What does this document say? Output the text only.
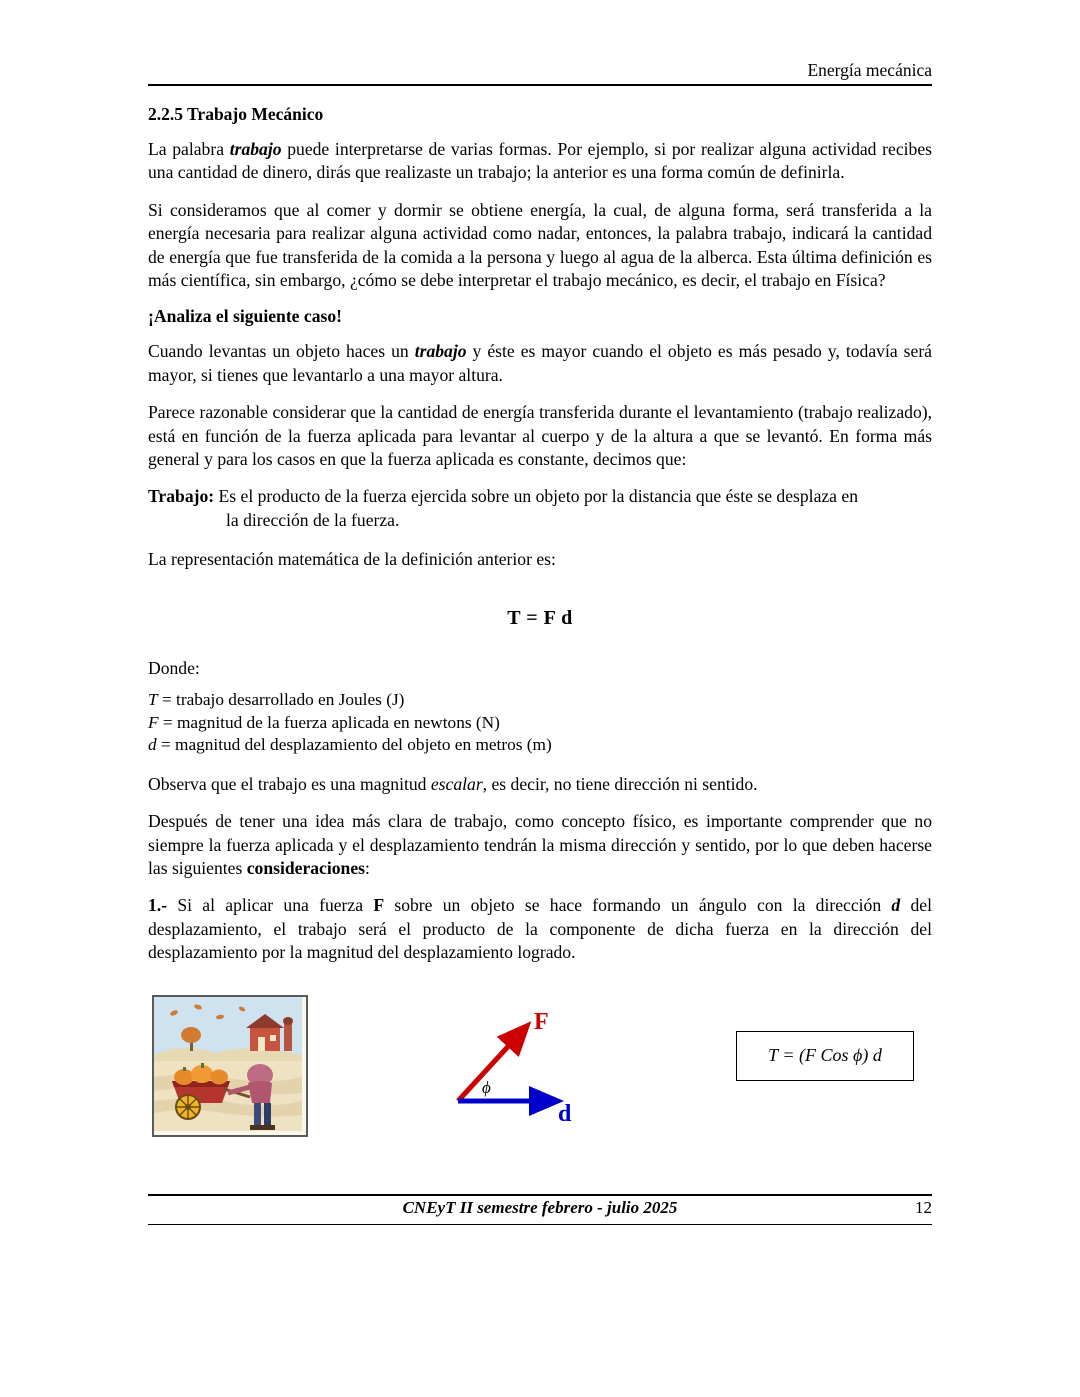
Energía mecánica
2.2.5 Trabajo Mecánico

La palabra trabajo puede interpretarse de varias formas. Por ejemplo, si por realizar alguna actividad recibes una cantidad de dinero, dirás que realizaste un trabajo; la anterior es una forma común de definirla.

Si consideramos que al comer y dormir se obtiene energía, la cual, de alguna forma, será transferida a la energía necesaria para realizar alguna actividad como nadar, entonces, la palabra trabajo, indicará la cantidad de energía que fue transferida de la comida a la persona y luego al agua de la alberca. Esta última definición es más científica, sin embargo, ¿cómo se debe interpretar el trabajo mecánico, es decir, el trabajo en Física?

¡Analiza el siguiente caso!

Cuando levantas un objeto haces un trabajo y éste es mayor cuando el objeto es más pesado y, todavía será mayor, si tienes que levantarlo a una mayor altura.

Parece razonable considerar que la cantidad de energía transferida durante el levantamiento (trabajo realizado), está en función de la fuerza aplicada para levantar al cuerpo y de la altura a que se levantó. En forma más general y para los casos en que la fuerza aplicada es constante, decimos que:

Trabajo: Es el producto de la fuerza ejercida sobre un objeto por la distancia que éste se desplaza en
la dirección de la fuerza.

La representación matemática de la definición anterior es:

T = F d
Donde:
T = trabajo desarrollado en Joules (J)
F = magnitud de la fuerza aplicada en newtons (N)
d = magnitud del desplazamiento del objeto en metros (m)

Observa que el trabajo es una magnitud escalar, es decir, no tiene dirección ni sentido.

Después de tener una idea más clara de trabajo, como concepto físico, es importante comprender que no siempre la fuerza aplicada y el desplazamiento tendrán la misma dirección y sentido, por lo que deben hacerse las siguientes consideraciones:

1.- Si al aplicar una fuerza F sobre un objeto se hace formando un ángulo con la dirección d del desplazamiento, el trabajo será el producto de la componente de dicha fuerza en la dirección del desplazamiento por la magnitud del desplazamiento logrado.

F
d
ϕ
T = (F Cos ϕ) d
CNEyT II semestre febrero - julio 2025	12
